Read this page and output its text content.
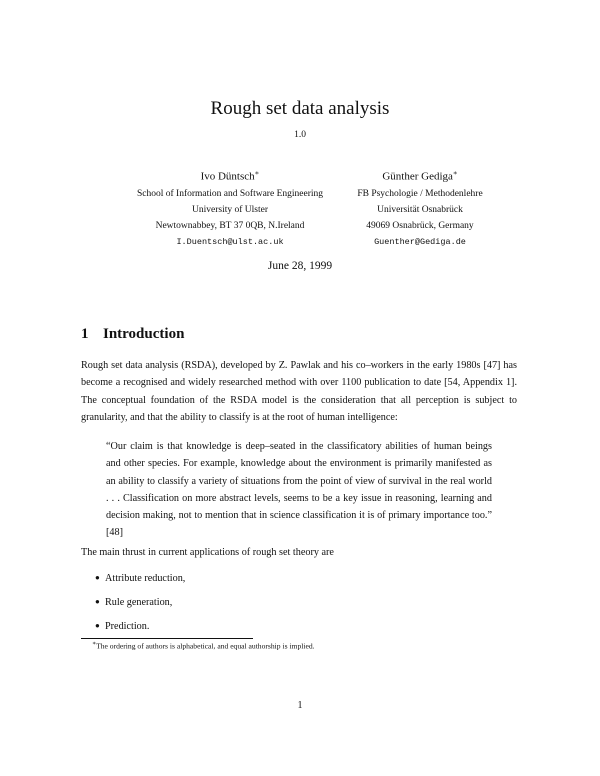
Rough set data analysis
1.0
Ivo Düntsch∗
School of Information and Software Engineering
University of Ulster
Newtownabbey, BT 37 0QB, N.Ireland
I.Duentsch@ulst.ac.uk
Günther Gediga∗
FB Psychologie / Methodenlehre
Universität Osnabrück
49069 Osnabrück, Germany
Guenther@Gediga.de
June 28, 1999
1 Introduction
Rough set data analysis (RSDA), developed by Z. Pawlak and his co–workers in the early 1980s [47] has become a recognised and widely researched method with over 1100 publication to date [54, Appendix 1]. The conceptual foundation of the RSDA model is the consideration that all perception is subject to granularity, and that the ability to classify is at the root of human intelligence:
“Our claim is that knowledge is deep–seated in the classificatory abilities of human beings and other species. For example, knowledge about the environment is primarily manifested as an ability to classify a variety of situations from the point of view of survival in the real world . . . Classification on more abstract levels, seems to be a key issue in reasoning, learning and decision making, not to mention that in science classification it is of primary importance too.” [48]
The main thrust in current applications of rough set theory are
● Attribute reduction,
● Rule generation,
● Prediction.
∗The ordering of authors is alphabetical, and equal authorship is implied.
1
